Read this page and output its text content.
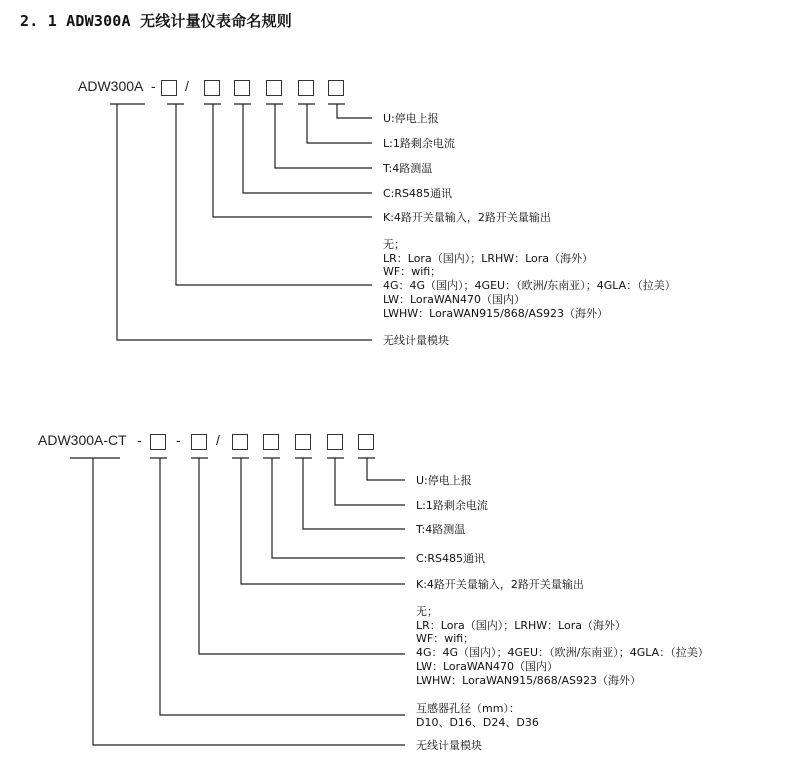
2. 1 ADW300A 无线计量仪表命名规则
ADW300A - /
U:停电上报
L:1路剩余电流
T:4路测温
C:RS485通讯
K:4路开关量输入，2路开关量输出
无；
LR：Lora（国内）；LRHW：Lora（海外）
WF：wifi；
4G：4G（国内）；4GEU：（欧洲/东南亚）；4GLA：（拉美）
LW：LoraWAN470（国内）
LWHW：LoraWAN915/868/AS923（海外）
无线计量模块
ADW300A-CT - -	/
U:停电上报
L:1路剩余电流
T:4路测温
C:RS485通讯
K:4路开关量输入，2路开关量输出
无；
LR：Lora（国内）；LRHW：Lora（海外）
WF：wifi；
4G：4G（国内）；4GEU：（欧洲/东南亚）；4GLA：（拉美）
LW：LoraWAN470（国内）
LWHW：LoraWAN915/868/AS923（海外）
互感器孔径（mm）：
D10、D16、D24、D36
无线计量模块
